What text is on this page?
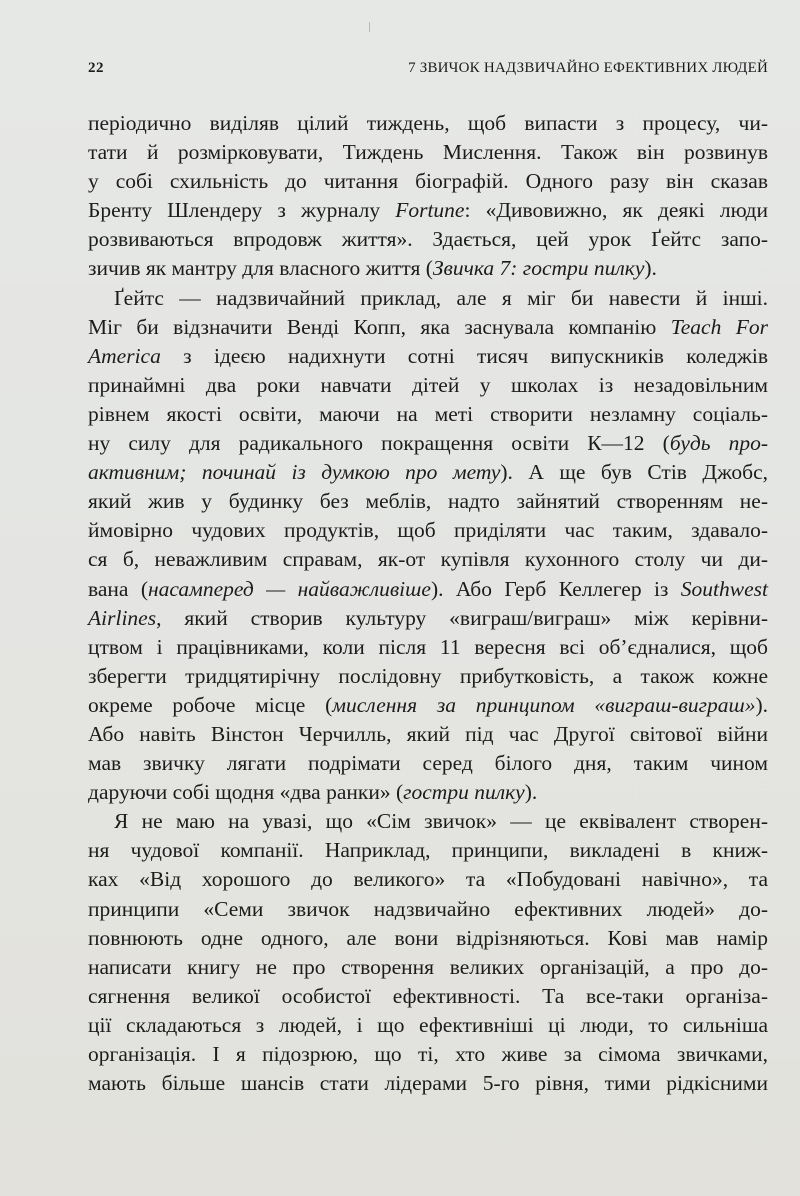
22	7 ЗВИЧОК НАДЗВИЧАЙНО ЕФЕКТИВНИХ ЛЮДЕЙ
періодично виділяв цілий тиждень, щоб випасти з процесу, чи-
тати й розмірковувати, Тиждень Мислення. Також він розвинув
у собі схильність до читання біографій. Одного разу він сказав
Бренту Шлендеру з журналу Fortune: «Дивовижно, як деякі люди
розвиваються впродовж життя». Здається, цей урок Ґейтс запо-
зичив як мантру для власного життя (Звичка 7: гостри пилку).
Ґейтс — надзвичайний приклад, але я міг би навести й інші.
Міг би відзначити Венді Копп, яка заснувала компанію Teach For
America з ідеєю надихнути сотні тисяч випускників коледжів
принаймні два роки навчати дітей у школах із незадовільним
рівнем якості освіти, маючи на меті створити незламну соціаль-
ну силу для радикального покращення освіти К—12 (будь про-
активним; починай із думкою про мету). А ще був Стів Джобс,
який жив у будинку без меблів, надто зайнятий створенням не-
ймовірно чудових продуктів, щоб приділяти час таким, здавало-
ся б, неважливим справам, як-от купівля кухонного столу чи ди-
вана (насамперед — найважливіше). Або Герб Келлегер із Southwest
Airlines, який створив культуру «виграш/виграш» між керівни-
цтвом і працівниками, коли після 11 вересня всі об’єдналися, щоб
зберегти тридцятирічну послідовну прибутковість, а також кожне
окреме робоче місце (мислення за принципом «виграш-виграш»).
Або навіть Вінстон Черчилль, який під час Другої світової війни
мав звичку лягати подрімати серед білого дня, таким чином
даруючи собі щодня «два ранки» (гостри пилку).
Я не маю на увазі, що «Сім звичок» — це еквівалент створен-
ня чудової компанії. Наприклад, принципи, викладені в книж-
ках «Від хорошого до великого» та «Побудовані навічно», та
принципи «Семи звичок надзвичайно ефективних людей» до-
повнюють одне одного, але вони відрізняються. Кові мав намір
написати книгу не про створення великих організацій, а про до-
сягнення великої особистої ефективності. Та все-таки організа-
ції складаються з людей, і що ефективніші ці люди, то сильніша
організація. І я підозрюю, що ті, хто живе за сімома звичками,
мають більше шансів стати лідерами 5-го рівня, тими рідкісними
